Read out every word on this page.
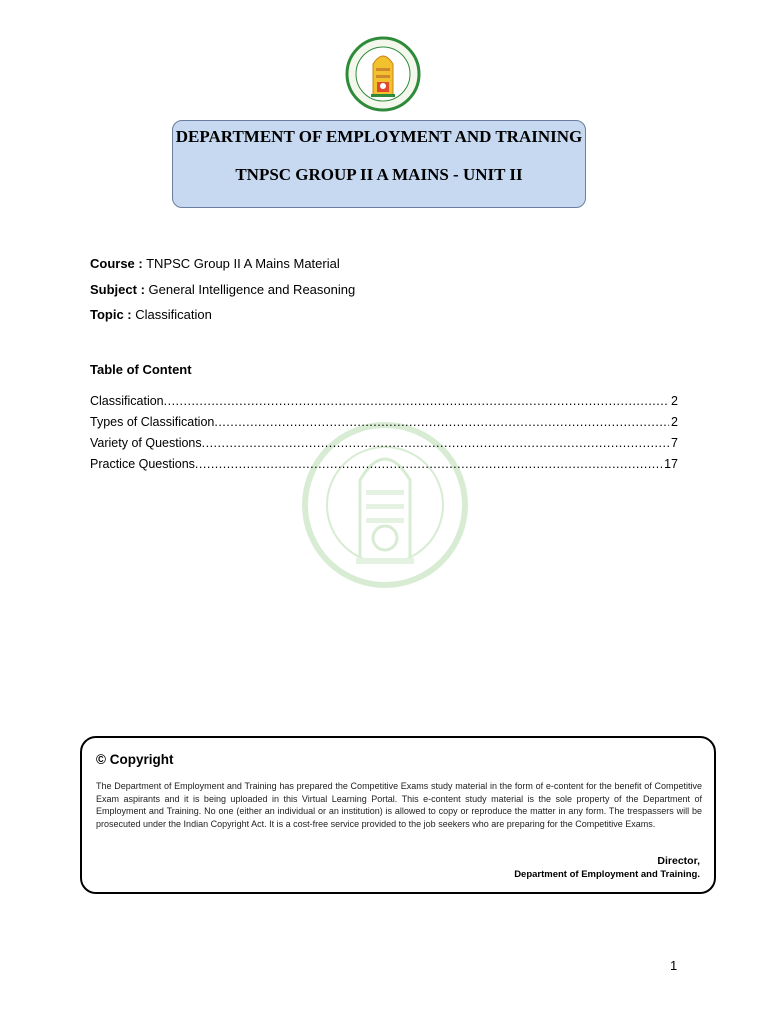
DEPARTMENT OF EMPLOYMENT AND TRAINING
TNPSC GROUP II A MAINS - UNIT II
Course : TNPSC Group II A Mains Material
Subject : General Intelligence and Reasoning
Topic : Classification
Table of Content
Classification .....	2
Types of Classification .....	2
Variety of Questions .....	7
Practice Questions .....	17
© Copyright
The Department of Employment and Training has prepared the Competitive Exams study material in the form of e-content for the benefit of Competitive Exam aspirants and it is being uploaded in this Virtual Learning Portal. This e-content study material is the sole property of the Department of Employment and Training. No one (either an individual or an institution) is allowed to copy or reproduce the matter in any form. The trespassers will be prosecuted under the Indian Copyright Act. It is a cost-free service provided to the job seekers who are preparing for the Competitive Exams.
Director,
Department of Employment and Training.
1
